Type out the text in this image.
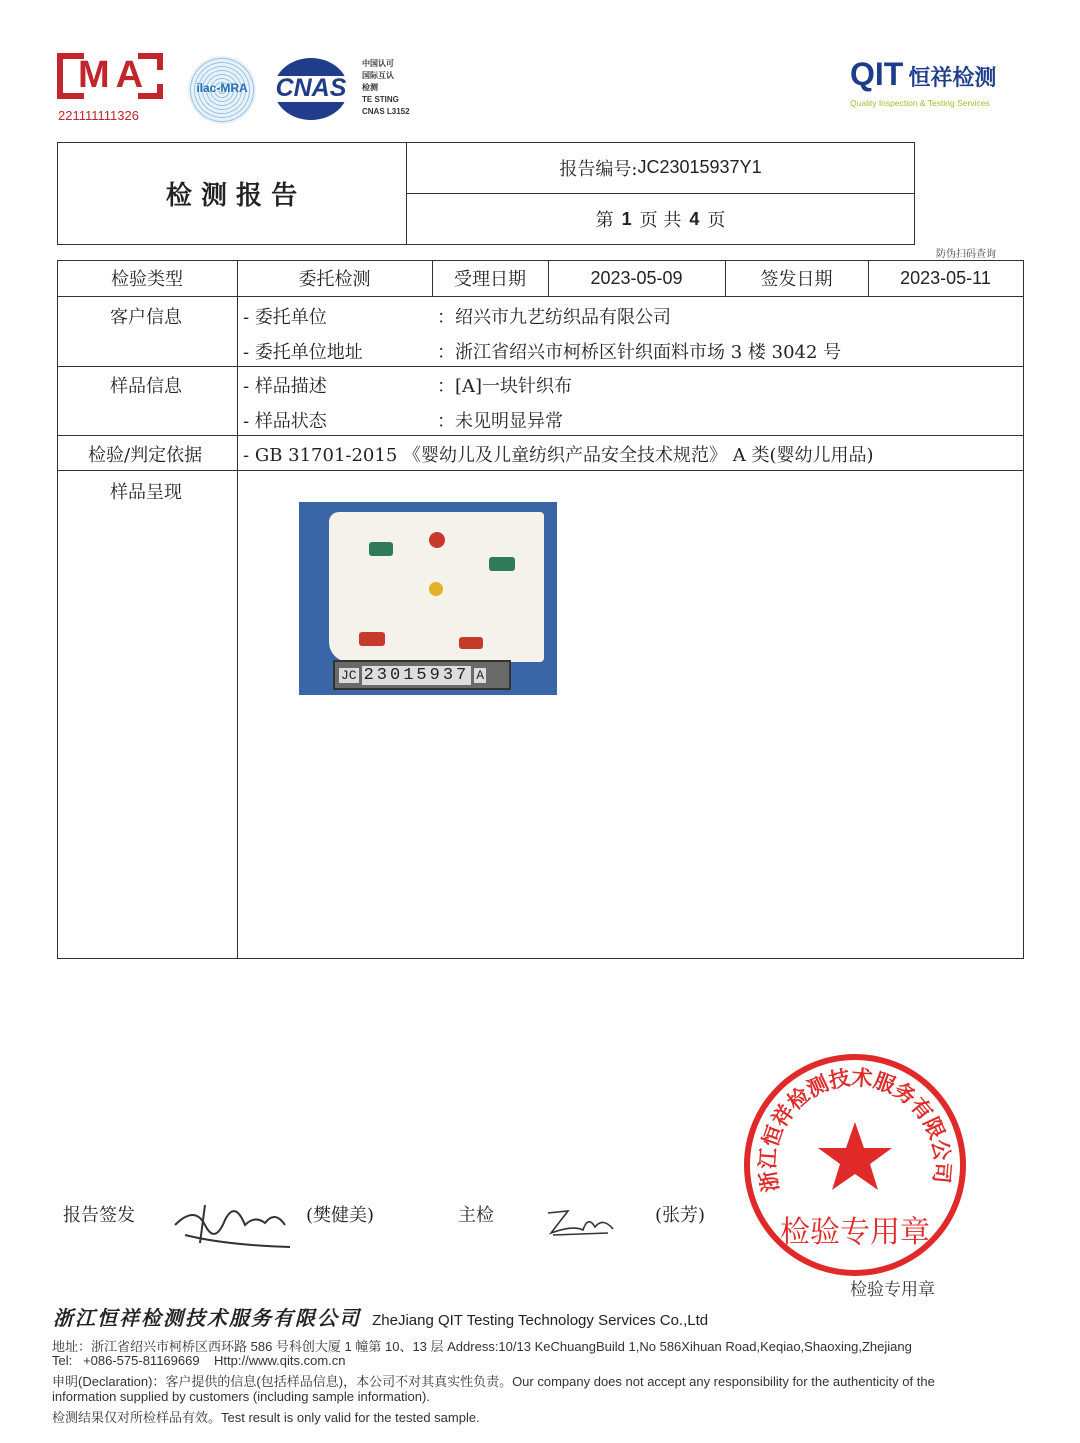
MA
221111111326
ilac-MRA	CNAS
中国认可
国际互认
检测
TE STING
CNAS L3152
QIT 恒祥检测
Quality Inspection & Testing Services
检 测 报 告
报告编号: JC23015937Y1
第 1 页 共 4 页
防伪扫码查询
检验类型	委托检测	受理日期	2023-05-09	签发日期	2023-05-11
客户信息	- 委托单位	：绍兴市九艺纺织品有限公司
- 委托单位地址	：浙江省绍兴市柯桥区针织面料市场 3 楼 3042 号
样品信息	- 样品描述	：[A]一块针织布
- 样品状态	：未见明显异常
检验/判定依据 - GB 31701-2015 《婴幼儿及儿童纺织产品安全技术规范》 A 类(婴幼儿用品)
样品呈现
JC 23015937 A
报告签发	(樊健美)	主检	(张芳)
浙江恒祥检测技术服务有限公司
检验专用章
检验专用章
浙江恒祥检测技术服务有限公司 ZheJiang QIT Testing Technology Services Co.,Ltd
地址：浙江省绍兴市柯桥区西环路 586 号科创大厦 1 幢第 10、13 层 Address:10/13 KeChuangBuild 1,No 586Xihuan Road,Keqiao,Shaoxing,Zhejiang
Tel:   +086-575-81169669    Http://www.qits.com.cn
申明(Declaration)：客户提供的信息(包括样品信息)，本公司不对其真实性负责。Our company does not accept any responsibility for the authenticity of the
information supplied by customers (including sample information).
检测结果仅对所检样品有效。Test result is only valid for the tested sample.
